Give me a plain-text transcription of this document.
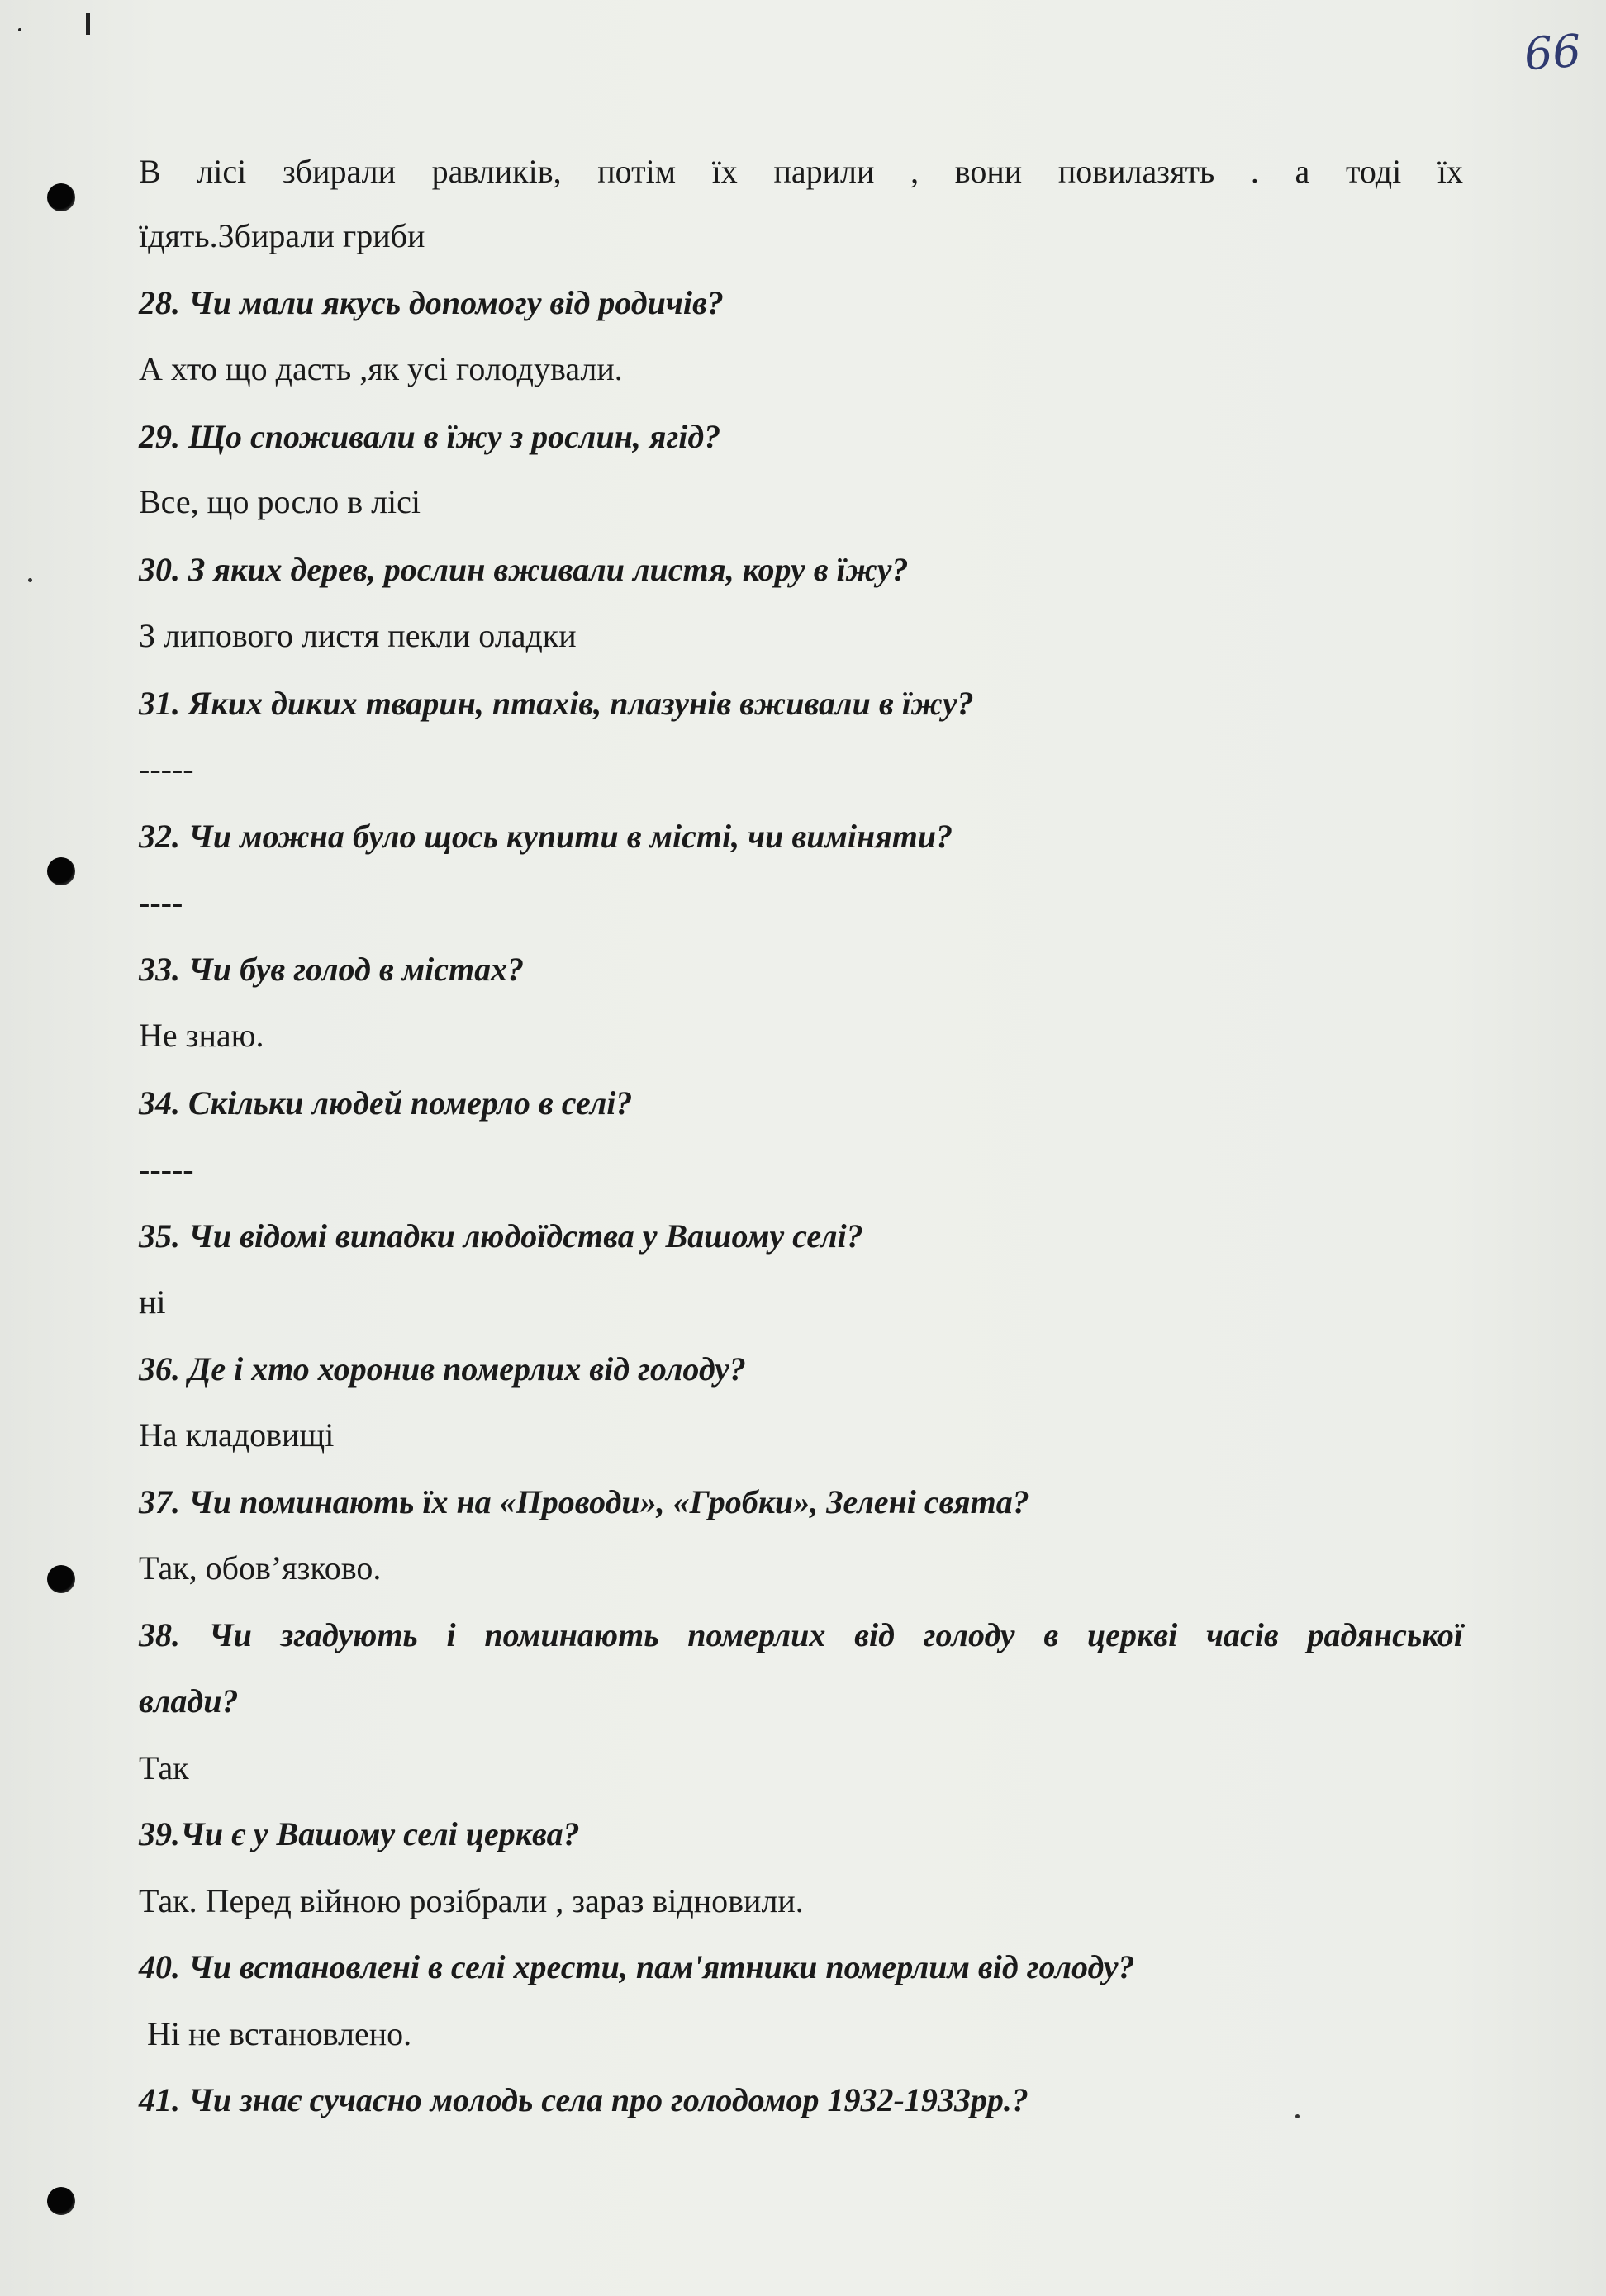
66
В лісі збирали равликів, потім їх парили , вони повилазять . а тоді їх
їдять.Збирали гриби
28. Чи мали якусь допомогу від родичів?
А хто що дасть ,як усі голодували.
29. Що споживали в їжу з рослин, ягід?
Все, що росло в лісі
30. З яких дерев, рослин вживали листя, кору в їжу?
З липового листя пекли оладки
31. Яких диких тварин, птахів, плазунів вживали в їжу?
-----
32. Чи можна було щось купити в місті, чи виміняти?
----
33. Чи був голод в містах?
Не знаю.
34. Скільки людей померло в селі?
-----
35. Чи відомі випадки людоїдства у Вашому селі?
ні
36. Де і хто хоронив померлих від голоду?
На кладовищі
37. Чи поминають їх на «Проводи», «Гробки», Зелені свята?
Так, обов’язково.
38. Чи згадують і поминають померлих від голоду в церкві часів радянської
влади?
Так
39.Чи є у Вашому селі церква?
Так. Перед війною розібрали , зараз відновили.
40. Чи встановлені в селі хрести, пам'ятники померлим від голоду?
Ні не встановлено.
41. Чи знає сучасно молодь села про голодомор 1932-1933рр.?
